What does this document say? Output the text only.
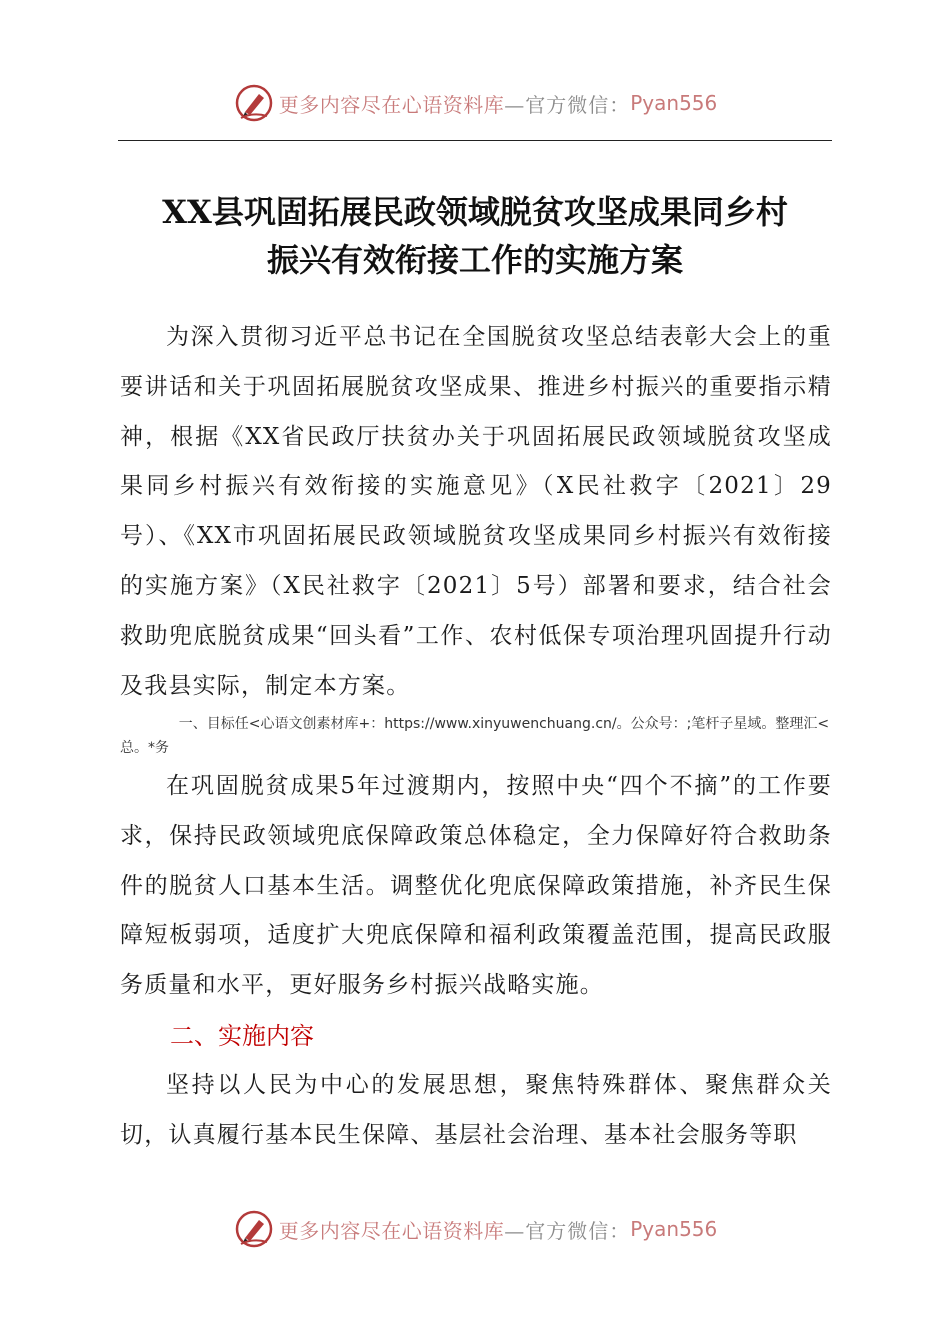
更多内容尽在心语资料库 —官方微信： Pyan556
XX县巩固拓展民政领域脱贫攻坚成果同乡村
振兴有效衔接工作的实施方案
为深入贯彻习近平总书记在全国脱贫攻坚总结表彰大会上的重要讲话和关于巩固拓展脱贫攻坚成果、推进乡村振兴的重要指示精神，根据《XX省民政厅扶贫办关于巩固拓展民政领域脱贫攻坚成果同乡村振兴有效衔接的实施意见》（X民社救字〔2021〕29号）、《XX市巩固拓展民政领域脱贫攻坚成果同乡村振兴有效衔接的实施方案》（X民社救字〔2021〕5号）部署和要求，结合社会救助兜底脱贫成果“回头看”工作、农村低保专项治理巩固提升行动及我县实际，制定本方案。
一、目标任<心语文创素材库+：https://www.xinyuwenchuang.cn/。公众号：;笔杆子星域。整理汇<总。*务
在巩固脱贫成果5年过渡期内，按照中央“四个不摘”的工作要求，保持民政领域兜底保障政策总体稳定，全力保障好符合救助条件的脱贫人口基本生活。调整优化兜底保障政策措施，补齐民生保障短板弱项，适度扩大兜底保障和福利政策覆盖范围，提高民政服务质量和水平，更好服务乡村振兴战略实施。
二、实施内容
坚持以人民为中心的发展思想，聚焦特殊群体、聚焦群众关切，认真履行基本民生保障、基层社会治理、基本社会服务等职
更多内容尽在心语资料库 —官方微信： Pyan556
